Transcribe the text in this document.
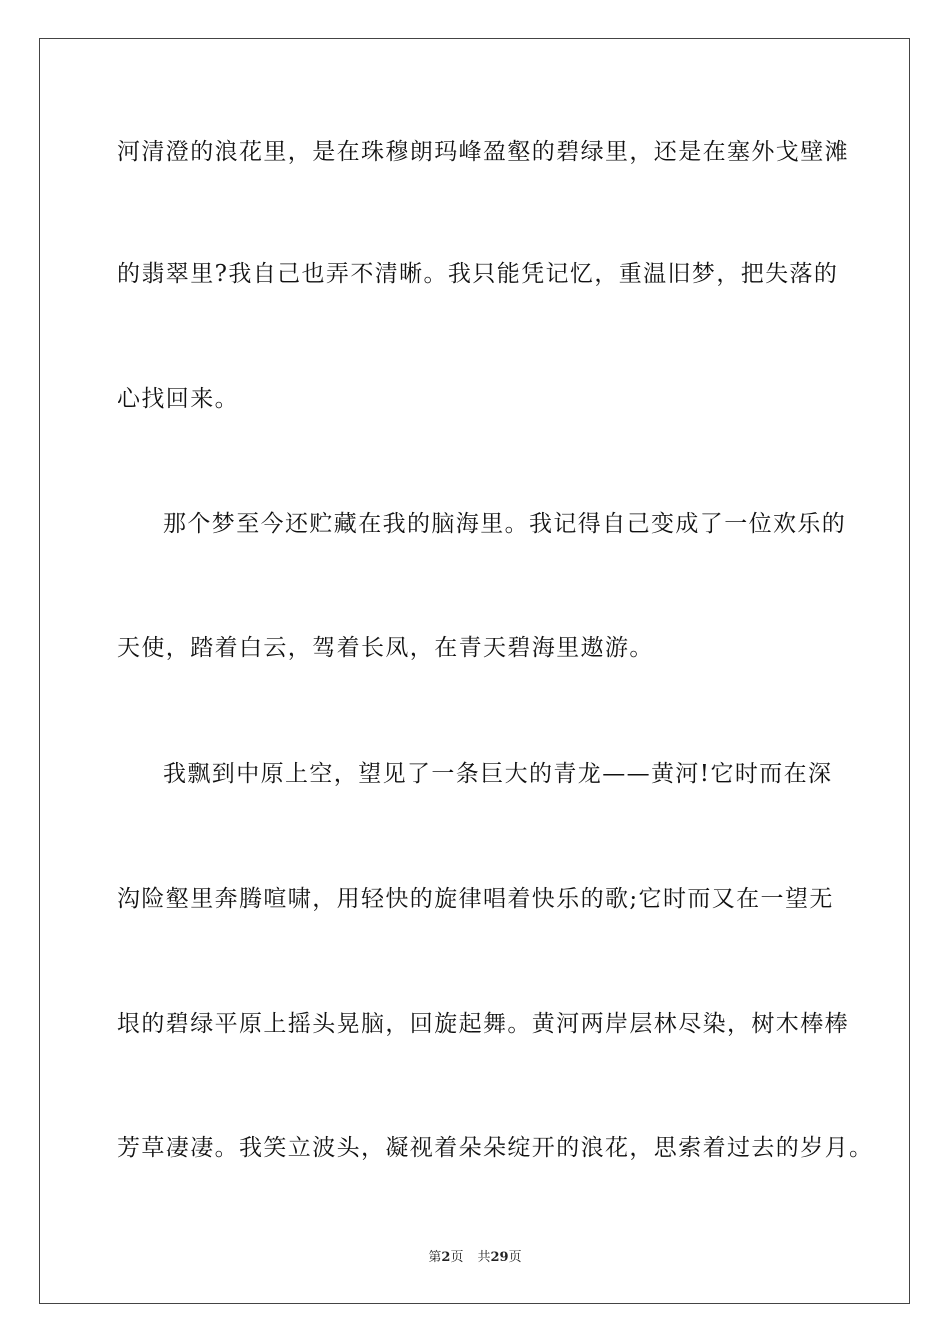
河清澄的浪花里，是在珠穆朗玛峰盈壑的碧绿里，还是在塞外戈壁滩
的翡翠里?我自己也弄不清晰。我只能凭记忆，重温旧梦，把失落的
心找回来。
那个梦至今还贮藏在我的脑海里。我记得自己变成了一位欢乐的
天使，踏着白云，驾着长凤，在青天碧海里遨游。
我飘到中原上空，望见了一条巨大的青龙——黄河!它时而在深
沟险壑里奔腾喧啸，用轻快的旋律唱着快乐的歌;它时而又在一望无
垠的碧绿平原上摇头晃脑，回旋起舞。黄河两岸层林尽染，树木棒棒
芳草凄凄。我笑立波头，凝视着朵朵绽开的浪花，思索着过去的岁月。
第2页 共29页
